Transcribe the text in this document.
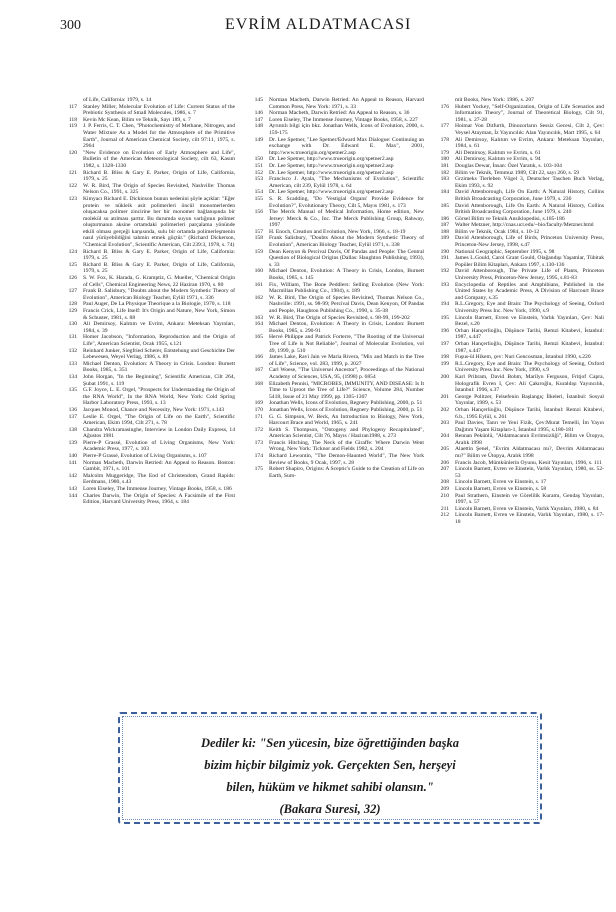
300	EVRİM ALDATMACASI
of Life, California: 1979, s. 14
117	Stanley Miller, Molecular Evolution of Life: Current Status of the Prebiotic Synthesis of Small Molecules, 1986, s. 7
118	Kevin Mc Kean, Bilim ve Teknik, Sayı 189, s. 7
119	J. P. Ferris, C. T. Chen, "Photochemistry of Methane, Nitrogen, and Water Mixture As a Model for the Atmosphere of the Primitive Earth", Journal of American Chemical Society, cilt 97:11, 1975, s. 2964
120	"New Evidence on Evolution of Early Atmosphere and Life", Bulletin of the American Meteorological Society, cilt 63, Kasım 1982, s. 1328-1330
121	Richard B. Bliss & Gary E. Parker, Origin of Life, California, 1979, s. 25
122	W. R. Bird, The Origin of Species Revisited, Nashville: Thomas Nelson Co., 1991, s. 325
123	Kimyacı Richard E. Dickinson bunun nedenini şöyle açıklar: "Eğer protein ve nükleik asit polimerleri öncül monomerlerden oluşacaksa polimer zincirine her bir monomer bağlanışında bir molekül su atılması şarttır. Bu durumda suyun varlığının polimer oluşturmanın aksine ortamdaki polimerleri parçalama yönünde etkili olması gerçeği karşısında, sulu bir ortamda polimerleşmenin nasıl yürüyebildiğini tahmin etmek güçtür." (Richard Dickerson, "Chemical Evolution", Scientific American, Cilt 239:3, 1978, s. 74)
124	Richard B. Bliss & Gary E. Parker, Origin of Life, California: 1979, s. 25
125	Richard B. Bliss & Gary E. Parker, Origin of Life, California, 1979, s. 25
126	S. W. Fox, K. Harada, G. Kramptiz, G. Mueller, "Chemical Origin of Cells", Chemical Engineering News, 22 Haziran 1970, s. 80
127	Frank B. Salisbury, "Doubts about the Modern Synthetic Theory of Evolution", American Biology Teacher, Eylül 1971, s. 336
128	Paul Auger, De La Physique Theorique a la Biologie, 1970, s. 118
129	Francis Crick, Life Itself: It's Origin and Nature, New York, Simon & Schuster, 1981, s. 88
130	Ali Demirsoy, Kalıtım ve Evrim, Ankara: Meteksan Yayınları, 1984, s. 39
131	Homer Jacobson, "Information, Reproduction and the Origin of Life", American Scientist, Ocak 1955, s.121
132	Reinhard Junker, Siegfried Scherer, Entstehung und Geschichte Der Lebewesen, Weyel Verlag, 1986, s. 89
133	Michael Denton, Evolution: A Theory in Crisis. London: Burnett Books, 1985, s. 351
134	John Horgan, "In the Beginning", Scientific American, Cilt 264, Şubat 1991, s. 119
135	G.F. Joyce, L. E. Orgel, "Prospects for Understanding the Origin of the RNA World", In the RNA World, New York: Cold Spring Harbor Laboratory Press, 1993, s. 13
136	Jacques Monod, Chance and Necessity, New York: 1971, s.143
137	Leslie E. Orgel, "The Origin of Life on the Earth", Scientific American, Ekim 1994, Cilt 271, s. 78
138	Chandra Wickramasinghe, Interview in London Daily Express, 14 Ağustos 1981
139	Pierre-P Grassé, Evolution of Living Organisms, New York: Academic Press, 1977, s. 103
140	Pierre-P Grassé, Evolution of Living Organisms, s. 107
141	Norman Macbeth, Darwin Retried: An Appeal to Reason. Boston: Gambit, 1971, s. 101
142	Malcolm Muggeridge, The End of Christendom, Grand Rapids: Eerdmans, 1980, s.43
143	Loren Eiseley, The Immense Journey, Vintage Books, 1958, s. 186
144	Charles Darwin, The Origin of Species: A Facsimile of the First Edition, Harvard University Press, 1964, s. 184
145	Norman Macbeth, Darwin Retried: An Appeal to Reason, Harvard Common Press, New York: 1971, s. 33
146	Norman Macbeth, Darwin Retried: An Appeal to Reason, s. 36
147	Loren Eiseley, The Immense Journey, Vintage Books, 1958, s. 227
148	Ayrıntılı bilgi için bkz. Jonathan Wells, Icons of Evolution, 2000, s. 159-175
149	Dr. Lee Spetner, "Lee Spetner/Edward Max Dialogue: Continuing an exchange with Dr. Edward E. Max", 2001, http://www.trueorigin.org/spetner2.asp
150	Dr. Lee Spetner, http://www.trueorigin.org/spetner2.asp
151	Dr. Lee Spetner, http://www.trueorigin.org/spetner2.asp
152	Dr. Lee Spetner, http://www.trueorigin.org/spetner2.asp
153	Francisco J. Ayala, "The Mechanisms of Evolution", Scientific American, cilt 239, Eylül 1978, s. 64
154	Dr. Lee Spetner, http://www.trueorigin.org/spetner2.asp
155	S. R. Scadding, "Do 'Vestigial Organs' Provide Evidence for Evolution?", Evolutionary Theory, Cilt 5, Mayıs 1981, s. 173
156	The Merck Manual of Medical Information, Home edition, New Jersey: Merck & Co., Inc. The Merck Publishing Group, Rahway, 1997
157	H. Enoch, Creation and Evolution, New York, 1966, s. 18-19
158	Frank Salisbury, "Doubts About the Modern Synthetic Theory of Evolution", American Biology Teacher, Eylül 1971, s. 338
159	Dean Kenyon & Percival Davis, Of Pandas and People: The Central Question of Biological Origins (Dallas: Haughton Publishing, 1993), s. 33
160	Michael Denton, Evolution: A Theory in Crisis, London, Burnett Books, 1985, s. 145
161	Fix, William, The Bone Peddlers: Selling Evolution (New York: Macmillan Publishing Co., 1984), s. 189
162	W. R. Bird, The Origin of Species Revisited, Thomas Nelson Co., Nashville: 1991, ss. 98-99; Percival Davis, Dean Kenyon, Of Pandas and People, Haughton Publishing Co., 1990, s. 35-38
163	W. R. Bird, The Origin of Species Revisited, s. 98-99, 199-202
164	Michael Denton, Evolution: A Theory in Crisis, London: Burnett Books, 1985, s. 290-91
165	Hervé Philippe and Patrick Forterre, "The Rooting of the Universal Tree of Life is Not Reliable", Journal of Molecular Evolution, vol 49, 1999, p. 510
166	James Lake, Ravi Jain ve Maria Rivera, "Mix and Match in the Tree of Life", Science, vol. 283, 1999, p. 2027
167	Carl Woese, "The Universel Ancestor", Proceedings of the National Academy of Sciences, USA, 95, (1998) p. 6854
168	Elizabeth Pennisi, "MICROBES, IMMUNITY, AND DISEASE: Is It Time to Uproot the Tree of Life?" Science, Volume 284, Number 5418, Issue of 21 May 1999, pp. 1305-1307
169	Jonathan Wells, Icons of Evolution, Regnery Publishing, 2000, p. 51
170	Jonathan Wells, Icons of Evolution, Regnery Publishing, 2000, p. 51
171	G. G. Simpson, W. Beck, An Introduction to Biology, New York, Harcourt Brace and World, 1965, s. 241
172	Keith S. Thompson, "Ontogeny and Phylogeny Recapitulated", American Scientist, Cilt 76, Mayıs / Haziran1988, s. 273
173	Francis Hitching, The Neck of the Giraffe: Where Darwin Went Wrong, New York: Ticknor and Fields 1982, s. 204
174	Richard Lewontin, "The Demon-Haunted World", The New York Review of Books, 9 Ocak, 1997, s. 28
175	Robert Shapiro, Origins: A Sceptic's Guide to the Creation of Life on Earth, Sum-
mit Books, New York: 1986, s. 207
176	Hubert Yockey, "Self-Organization, Origin of Life Scenarios and Information Theory", Journal of Theoretical Biology, Cilt 91, 1981, s. 27-28
177	Hoimar Von Ditfurth, Dinozorların Sessiz Gecesi, Cilt 2, Çev: Veysel Atayman, İz Yayıncılık: Alan Yayıncılık, Mart 1995, s. 64
178	Ali Demirsoy, Kalıtım ve Evrim, Ankara: Meteksan Yayınları, 1984, s. 61
179	Ali Demirsoy, Kalıtım ve Evrim, s. 61
180	Ali Demirsoy, Kalıtım ve Evrim, s. 94
181	Douglas Dewar, İnsan: Özel Yaratık, s. 103-104
182	Bilim ve Teknik, Temmuz 1989, Cilt 22, sayı 260, s. 59
183	Grzimeks Tierleben Vögel 3, Deutscher Taschen Buch Verlag, Ekim 1993, s. 92
184	David Attenborough, Life On Earth: A Natural History, Collins British Broadcasting Corporation, June 1979, s. 236
185	David Attenborough, Life On Earth: A Natural History, Collins British Broadcasting Corporation, June 1979, s. 240
186	Görsel Bilim ve Teknik Ansiklopedisi, s.185-186
187	Walter Metzner, http://cnas.ucr.edu/~bio/faculty/Metzner.html
188	Bilim ve Teknik, Ocak 1984, s. 10-12
189	David Attenborough, Life of Birds, Princeton University Press, Princeton-New Jersey, 1998, s.47
190	National Geographic, September 1995, s. 98
191	James L.Gould, Carol Grant Gould, Olağandışı Yaşamlar, Tübitak Popüler Bilim Kitapları, Ankara 1997, s.130-136
192	David Attenborough, The Private Life of Plants, Princeton University Press, Princeton-New Jersey, 1995, s.81-83
193	Encyclopedia of Reptiles and Amphibians, Published in the United States by Academic Press, A Division of Harcourt Brace and Company, s.35
194	R.L.Gregory, Eye and Brain: The Psychology of Seeing, Oxford University Press Inc. New York, 1990, s.9
195	Lincoln Barnett, Evren ve Einstein, Varlık Yayınları, Çev: Nali Bezel, s.20
196	Orhan Hançerlioğlu, Düşünce Tarihi, Remzi Kitabevi, İstanbul: 1987, s.447
197	Orhan Hançerlioğlu, Düşünce Tarihi, Remzi Kitabevi, İstanbul: 1987, s.447
198	Fuşus-ül Hikem, çev: Nuri Gencosman, İstanbul 1990, s.220
199	R.L.Gregory, Eye and Brain: The Psychology of Seeing, Oxford University Press Inc. New York, 1990, s.9
200	Karl Pribram, David Bohm, Marilyn Ferguson, Fritjof Capra, Holografik Evren I, Çev: Ali Çakıroğlu, Kuraldışı Yayıncılık, İstanbul: 1996, s.37
201	George Politzer, Felsefenin Başlangıç İlkeleri, İstanbul: Sosyal Yayınlar, 1989, s. 53
202	Orhan Hançerlioğlu, Düşünce Tarihi, İstanbul: Remzi Kitabevi, 6.b., 1995 Eylül, s. 261
203	Paul Davies, Tanrı ve Yeni Fizik, Çev:Murat Temelli, İm Yayın Dağıtım Yaşam Kitapları-1, İstanbul 1995, s.180-181
204	Rennan Pekünlü, "Aldatmacanın Evrimsizliği", Bilim ve Ütopya, Aralık 1998
205	Alaettin Şenel, "Evrim Aldatmacası mı?, Devrim Aldatmacası mı?" Bilim ve Ütopya, Aralık 1998
206	Francis Jacob, Mümkünlerin Oyunu, Kesit Yayınları, 1996, s. 111
207	Lincoln Barnett, Evren ve Einstein, Varlık Yayınları, 1980, ss. 52-53
208	Lincoln Barnett, Evren ve Einstein, s. 17
209	Lincoln Barnett, Evren ve Einstein, s. 58
210	Paul Strathern, Einstein ve Görelilik Kuramı, Gendaş Yayınları, 1997, s. 57
211	Lincoln Barnett, Evren ve Einstein, Varlık Yayınları, 1980, s. 84
212	Lincoln Barnett, Evren ve Einstein, Varlık Yayınları, 1980, s. 17-18
Dediler ki: "Sen yücesin, bize öğrettiğinden başka
bizim hiçbir bilgimiz yok. Gerçekten Sen, herşeyi
bilen, hüküm ve hikmet sahibi olansın."
(Bakara Suresi, 32)
